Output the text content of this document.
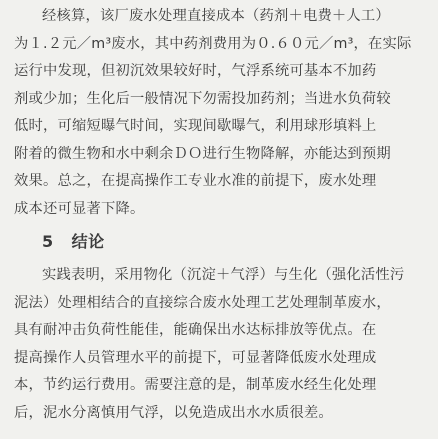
经核算，该厂废水处理直接成本（药剂＋电费＋人工）
为１.２元／m³废水，其中药剂费用为０.６０元／m³，在实际
运行中发现，但初沉效果较好时，气浮系统可基本不加药
剂或少加；生化后一般情况下勿需投加药剂；当进水负荷较
低时，可缩短曝气时间，实现间歇曝气，利用球形填料上
附着的微生物和水中剩余ＤＯ进行生物降解，亦能达到预期
效果。总之，在提高操作工专业水准的前提下，废水处理
成本还可显著下降。
5 结论
实践表明，采用物化（沉淀＋气浮）与生化（强化活性污
泥法）处理相结合的直接综合废水处理工艺处理制革废水，
具有耐冲击负荷性能佳，能确保出水达标排放等优点。在
提高操作人员管理水平的前提下，可显著降低废水处理成
本，节约运行费用。需要注意的是，制革废水经生化处理
后，泥水分离慎用气浮，以免造成出水水质很差。
